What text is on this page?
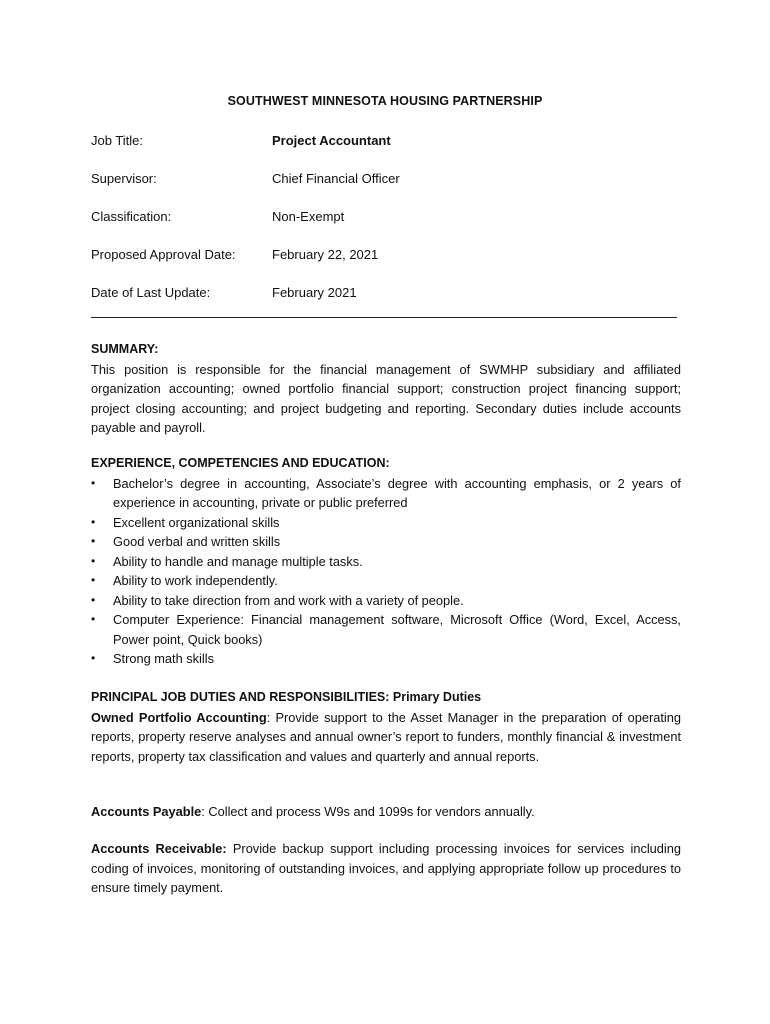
SOUTHWEST MINNESOTA HOUSING PARTNERSHIP
Job Title:	Project Accountant
Supervisor:	Chief Financial Officer
Classification:	Non-Exempt
Proposed Approval Date:	February 22, 2021
Date of Last Update:	February 2021
SUMMARY:

This position is responsible for the financial management of SWMHP subsidiary and affiliated organization accounting; owned portfolio financial support; construction project financing support; project closing accounting; and project budgeting and reporting. Secondary duties include accounts payable and payroll.

EXPERIENCE, COMPETENCIES AND EDUCATION:
• Bachelor’s degree in accounting, Associate’s degree with accounting emphasis, or 2 years of experience in accounting, private or public preferred
• Excellent organizational skills
• Good verbal and written skills
• Ability to handle and manage multiple tasks.
• Ability to work independently.
• Ability to take direction from and work with a variety of people.
• Computer Experience: Financial management software, Microsoft Office (Word, Excel, Access, Power point, Quick books)
• Strong math skills
PRINCIPAL JOB DUTIES AND RESPONSIBILITIES: Primary Duties

Owned Portfolio Accounting: Provide support to the Asset Manager in the preparation of operating reports, property reserve analyses and annual owner’s report to funders, monthly financial & investment reports, property tax classification and values and quarterly and annual reports.

Accounts Payable: Collect and process W9s and 1099s for vendors annually.

Accounts Receivable: Provide backup support including processing invoices for services including coding of invoices, monitoring of outstanding invoices, and applying appropriate follow up procedures to ensure timely payment.
